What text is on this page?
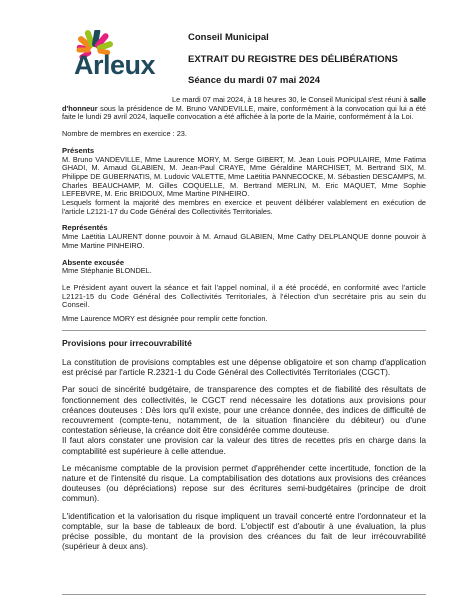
Arleux

Conseil Municipal

EXTRAIT DU REGISTRE DES DÉLIBÉRATIONS

Séance du mardi 07 mai 2024

Le mardi 07 mai 2024, à 18 heures 30, le Conseil Municipal s'est réuni à salle d'honneur sous la présidence de M. Bruno VANDEVILLE, maire, conformément à la convocation qui lui a été faite le lundi 29 avril 2024, laquelle convocation a été affichée à la porte de la Mairie, conformément à la Loi.

Nombre de membres en exercice : 23.

Présents

M. Bruno VANDEVILLE, Mme Laurence MORY, M. Serge GIBERT, M. Jean Louis POPULAIRE, Mme Fatima GHADI, M. Arnaud GLABIEN, M. Jean-Paul CRAYE, Mme Géraldine MARCHISET, M. Bertrand SIX, M. Philippe DE GUBERNATIS, M. Ludovic VALETTE, Mme Laëtitia PANNECOCKE, M. Sébastien DESCAMPS, M. Charles BEAUCHAMP, M. Gilles COQUELLE, M. Bertrand MERLIN, M. Eric MAQUET, Mme Sophie LEFEBVRE, M. Eric BRIDOUX, Mme Martine PINHEIRO.

Lesquels forment la majorité des membres en exercice et peuvent délibérer valablement en exécution de l'article L2121-17 du Code Général des Collectivités Territoriales.

Représentés

Mme Laëtitia LAURENT donne pouvoir à M. Arnaud GLABIEN, Mme Cathy DELPLANQUE donne pouvoir à Mme Martine PINHEIRO.

Absente excusée

Mme Stéphanie BLONDEL.

Le Président ayant ouvert la séance et fait l'appel nominal, il a été procédé, en conformité avec l'article L2121-15 du Code Général des Collectivités Territoriales, à l'élection d'un secrétaire pris au sein du Conseil.

Mme Laurence MORY est désignée pour remplir cette fonction.

Provisions pour irrecouvrabilité

La constitution de provisions comptables est une dépense obligatoire et son champ d'application est précisé par l'article R.2321-1 du Code Général des Collectivités Territoriales (CGCT).

Par souci de sincérité budgétaire, de transparence des comptes et de fiabilité des résultats de fonctionnement des collectivités, le CGCT rend nécessaire les dotations aux provisions pour créances douteuses : Dès lors qu'il existe, pour une créance donnée, des indices de difficulté de recouvrement (compte-tenu, notamment, de la situation financière du débiteur) ou d'une contestation sérieuse, la créance doit être considérée comme douteuse.
Il faut alors constater une provision car la valeur des titres de recettes pris en charge dans la comptabilité est supérieure à celle attendue.

Le mécanisme comptable de la provision permet d'appréhender cette incertitude, fonction de la nature et de l'intensité du risque. La comptabilisation des dotations aux provisions des créances douteuses (ou dépréciations) repose sur des écritures semi-budgétaires (principe de droit commun).

L'identification et la valorisation du risque impliquent un travail concerté entre l'ordonnateur et la comptable, sur la base de tableaux de bord. L'objectif est d'aboutir à une évaluation, la plus précise possible, du montant de la provision des créances du fait de leur irrécouvrabilité (supérieur à deux ans).
